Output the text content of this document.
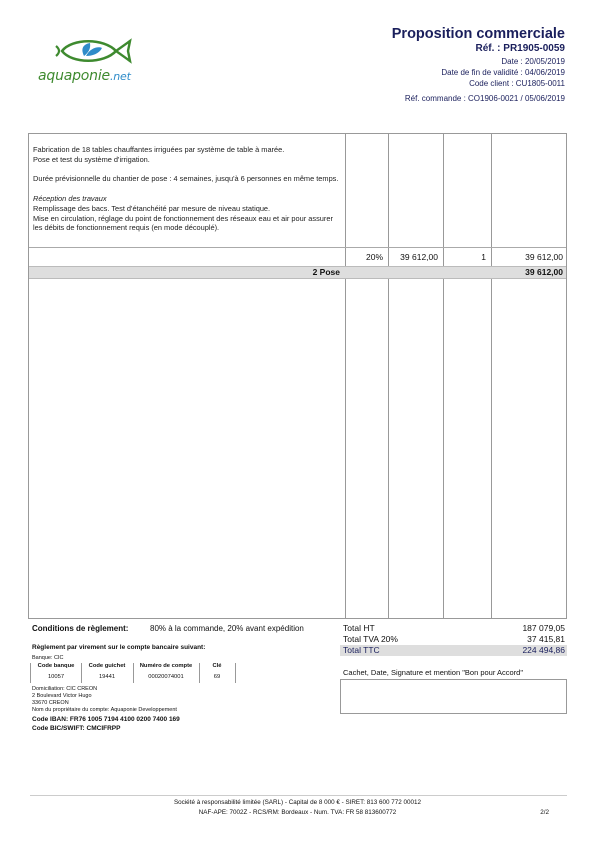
aquaponie.net
Proposition commerciale
Réf. : PR1905-0059
Date : 20/05/2019
Date de fin de validité : 04/06/2019
Code client : CU1805-0011
Réf. commande : CO1906-0021 / 05/06/2019

Fabrication de 18 tables chauffantes irriguées par système de table à marée.

Pose et test du système d'irrigation.

Durée prévisionnelle du chantier de pose : 4 semaines, jusqu'à 6 personnes en même temps.

Réception des travaux

Remplissage des bacs. Test d'étanchéité par mesure de niveau statique.

Mise en circulation, réglage du point de fonctionnement des réseaux eau et air pour assurer les débits de fonctionnement requis (en mode découplé).

20% 39 612,00	1	39 612,00
2 Pose	39 612,00
Conditions de règlement:	80% à la commande, 20% avant expédition
Règlement par virement sur le compte bancaire suivant:
Banque: CIC
Code banque	Code guichet	Numéro de compte	Clé
10057	19441	00020074001	69
Domiciliation: CIC CREON
2 Boulevard Victor Hugo
33670 CREON
Nom du propriétaire du compte: Aquaponie Developpement
Code IBAN: FR76 1005 7194 4100 0200 7400 169
Code BIC/SWIFT: CMCIFRPP
Total HT	187 079,05
Total TVA 20%	37 415,81
Total TTC	224 494,86
Cachet, Date, Signature et mention "Bon pour Accord"
Société à responsabilité limitée (SARL) - Capital de 8 000 € - SIRET: 813 600 772 00012
NAF-APE: 7002Z - RCS/RM: Bordeaux - Num. TVA: FR 58 813600772	2/2
